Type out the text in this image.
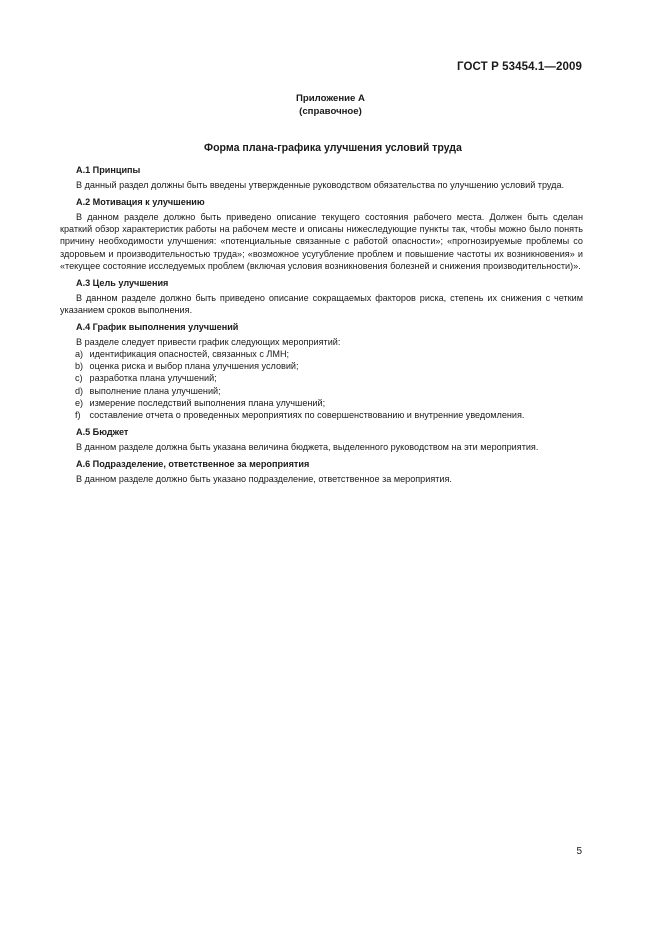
ГОСТ Р 53454.1—2009
Приложение А
(справочное)
Форма плана-графика улучшения условий труда

А.1 Принципы

В данный раздел должны быть введены утвержденные руководством обязательства по улучшению условий труда.

А.2 Мотивация к улучшению

В данном разделе должно быть приведено описание текущего состояния рабочего места. Должен быть сделан краткий обзор характеристик работы на рабочем месте и описаны нижеследующие пункты так, чтобы можно было понять причину необходимости улучшения: «потенциальные связанные с работой опасности»; «прогнозируемые проблемы со здоровьем и производительностью труда»; «возможное усугубление проблем и повышение частоты их возникновения» и «текущее состояние исследуемых проблем (включая условия возникновения болезней и снижения производительности)».

А.3 Цель улучшения

В данном разделе должно быть приведено описание сокращаемых факторов риска, степень их снижения с четким указанием сроков выполнения.

А.4 График выполнения улучшений

В разделе следует привести график следующих мероприятий:

a) идентификация опасностей, связанных с ЛМН;
b) оценка риска и выбор плана улучшения условий;
c) разработка плана улучшений;
d) выполнение плана улучшений;
e) измерение последствий выполнения плана улучшений;
f) составление отчета о проведенных мероприятиях по совершенствованию и внутренние уведомления.

А.5 Бюджет

В данном разделе должна быть указана величина бюджета, выделенного руководством на эти мероприятия.

А.6 Подразделение, ответственное за мероприятия

В данном разделе должно быть указано подразделение, ответственное за мероприятия.

5
